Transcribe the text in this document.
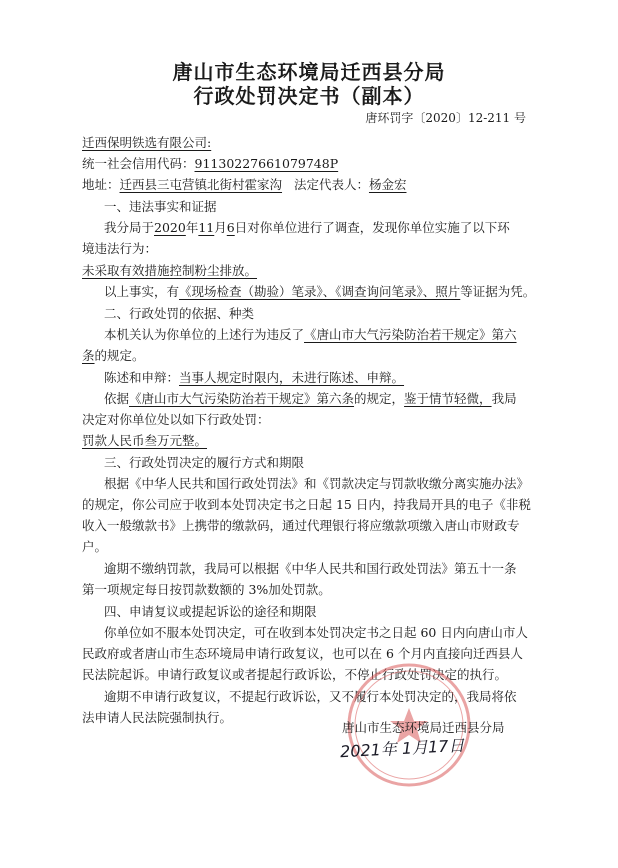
唐山市生态环境局迁西县分局
行政处罚决定书（副本）
唐环罚字〔2020〕12-211 号
迁西保明铁选有限公司:
统一社会信用代码：91130227661079748P
地址：迁西县三屯营镇北街村霍家沟 法定代表人：杨金宏
一、违法事实和证据
我分局于2020年11月6日对你单位进行了调查，发现你单位实施了以下环
境违法行为：
未采取有效措施控制粉尘排放。
以上事实，有《现场检查（勘验）笔录》、《调查询问笔录》、照片等证据为凭。
二、行政处罚的依据、种类
本机关认为你单位的上述行为违反了《唐山市大气污染防治若干规定》第六
条的规定。
陈述和申辩：当事人规定时限内，未进行陈述、申辩。
依据《唐山市大气污染防治若干规定》第六条的规定，鉴于情节轻微，我局
决定对你单位处以如下行政处罚：
罚款人民币叁万元整。
三、行政处罚决定的履行方式和期限
根据《中华人民共和国行政处罚法》和《罚款决定与罚款收缴分离实施办法》
的规定，你公司应于收到本处罚决定书之日起 15 日内，持我局开具的电子《非税
收入一般缴款书》上携带的缴款码，通过代理银行将应缴款项缴入唐山市财政专
户。
逾期不缴纳罚款，我局可以根据《中华人民共和国行政处罚法》第五十一条
第一项规定每日按罚款数额的 3%加处罚款。
四、申请复议或提起诉讼的途径和期限
你单位如不服本处罚决定，可在收到本处罚决定书之日起 60 日内向唐山市人
民政府或者唐山市生态环境局申请行政复议，也可以在 6 个月内直接向迁西县人
民法院起诉。申请行政复议或者提起行政诉讼，不停止行政处罚决定的执行。
逾期不申请行政复议，不提起行政诉讼，又不履行本处罚决定的，我局将依
法申请人民法院强制执行。
唐山市生态环境局迁西县分局
2021年 1月17日
